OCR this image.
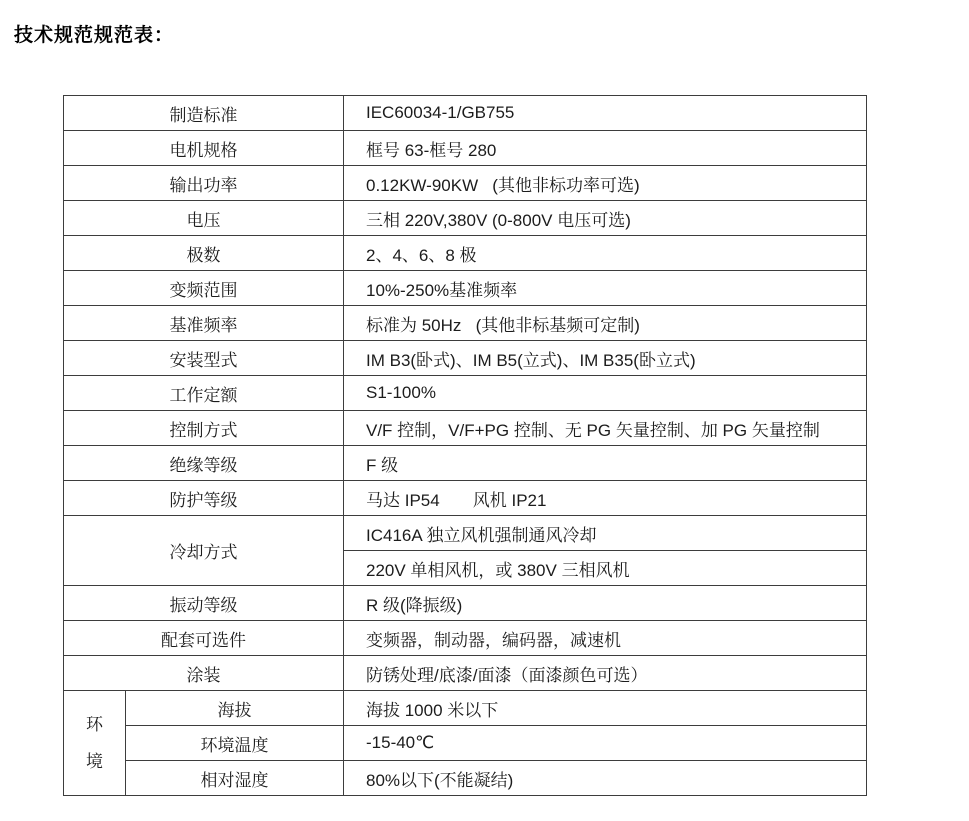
技术规范规范表：
制造标准		IEC60034-1/GB755
电机规格		框号 63-框号 280
输出功率		0.12KW-90KW   (其他非标功率可选)
电压		三相 220V,380V (0-800V 电压可选)
极数		2、4、6、8 极
变频范围		10%-250%基准频率
基准频率		标准为 50Hz   (其他非标基频可定制)
安装型式		IM B3(卧式)、IM B5(立式)、IM B35(卧立式)
工作定额		S1-100%
控制方式		V/F 控制，V/F+PG 控制、无 PG 矢量控制、加 PG 矢量控制
绝缘等级		F 级
防护等级		马达 IP54       风机 IP21
冷却方式		IC416A 独立风机强制通风冷却
		220V 单相风机，或 380V 三相风机
振动等级		R 级(降振级)
配套可选件		变频器，制动器，编码器，减速机
涂装		防锈处理/底漆/面漆（面漆颜色可选）

环境	海拔	海拔 1000 米以下
	环境温度	-15-40℃
	相对湿度	80%以下(不能凝结)
